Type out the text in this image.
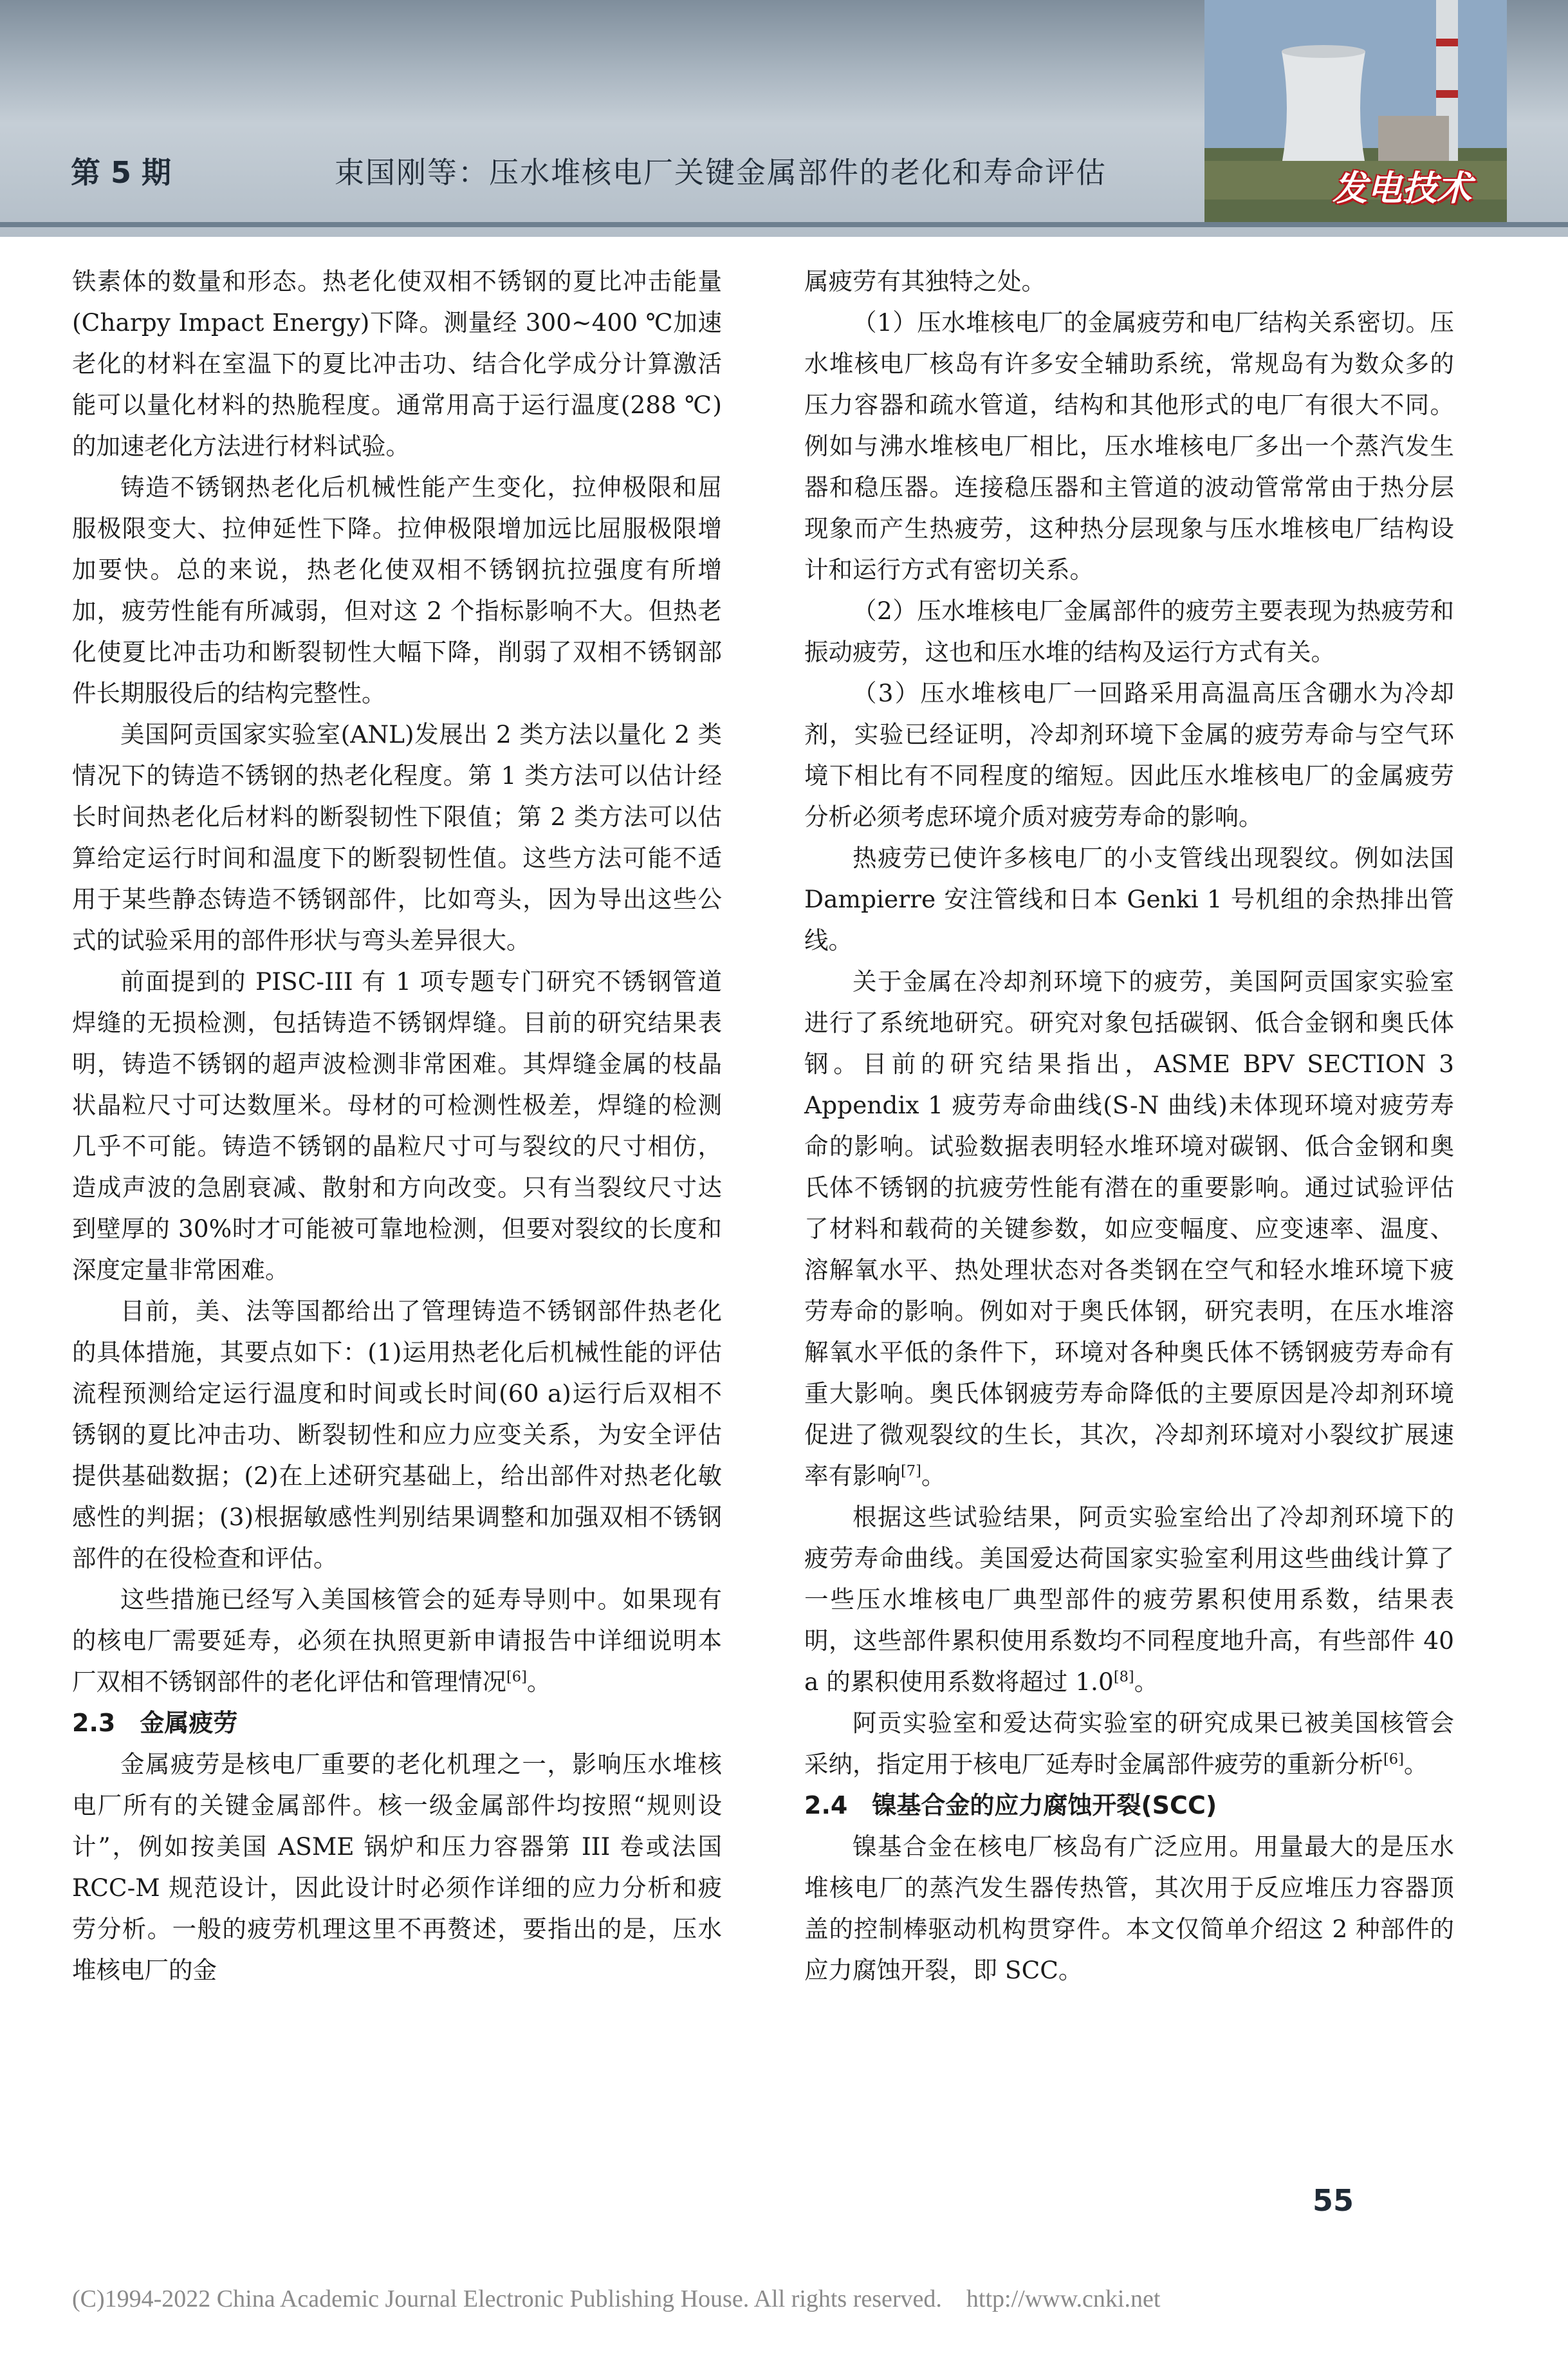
第 5 期	束国刚等：压水堆核电厂关键金属部件的老化和寿命评估	发电技术

铁素体的数量和形态。热老化使双相不锈钢的夏比冲击能量(Charpy Impact Energy)下降。测量经 300~400 ℃加速老化的材料在室温下的夏比冲击功、结合化学成分计算激活能可以量化材料的热脆程度。通常用高于运行温度(288 ℃)的加速老化方法进行材料试验。

铸造不锈钢热老化后机械性能产生变化，拉伸极限和屈服极限变大、拉伸延性下降。拉伸极限增加远比屈服极限增加要快。总的来说，热老化使双相不锈钢抗拉强度有所增加，疲劳性能有所减弱，但对这 2 个指标影响不大。但热老化使夏比冲击功和断裂韧性大幅下降，削弱了双相不锈钢部件长期服役后的结构完整性。

美国阿贡国家实验室(ANL)发展出 2 类方法以量化 2 类情况下的铸造不锈钢的热老化程度。第 1 类方法可以估计经长时间热老化后材料的断裂韧性下限值；第 2 类方法可以估算给定运行时间和温度下的断裂韧性值。这些方法可能不适用于某些静态铸造不锈钢部件，比如弯头，因为导出这些公式的试验采用的部件形状与弯头差异很大。

前面提到的 PISC-III 有 1 项专题专门研究不锈钢管道焊缝的无损检测，包括铸造不锈钢焊缝。目前的研究结果表明，铸造不锈钢的超声波检测非常困难。其焊缝金属的枝晶状晶粒尺寸可达数厘米。母材的可检测性极差，焊缝的检测几乎不可能。铸造不锈钢的晶粒尺寸可与裂纹的尺寸相仿，造成声波的急剧衰减、散射和方向改变。只有当裂纹尺寸达到壁厚的 30%时才可能被可靠地检测，但要对裂纹的长度和深度定量非常困难。

目前，美、法等国都给出了管理铸造不锈钢部件热老化的具体措施，其要点如下：(1)运用热老化后机械性能的评估流程预测给定运行温度和时间或长时间(60 a)运行后双相不锈钢的夏比冲击功、断裂韧性和应力应变关系，为安全评估提供基础数据；(2)在上述研究基础上，给出部件对热老化敏感性的判据；(3)根据敏感性判别结果调整和加强双相不锈钢部件的在役检查和评估。

这些措施已经写入美国核管会的延寿导则中。如果现有的核电厂需要延寿，必须在执照更新申请报告中详细说明本厂双相不锈钢部件的老化评估和管理情况[6]。

2.3　金属疲劳

金属疲劳是核电厂重要的老化机理之一，影响压水堆核电厂所有的关键金属部件。核一级金属部件均按照“规则设计”，例如按美国 ASME 锅炉和压力容器第 III 卷或法国 RCC-M 规范设计，因此设计时必须作详细的应力分析和疲劳分析。一般的疲劳机理这里不再赘述，要指出的是，压水堆核电厂的金

属疲劳有其独特之处。

（1）压水堆核电厂的金属疲劳和电厂结构关系密切。压水堆核电厂核岛有许多安全辅助系统，常规岛有为数众多的压力容器和疏水管道，结构和其他形式的电厂有很大不同。例如与沸水堆核电厂相比，压水堆核电厂多出一个蒸汽发生器和稳压器。连接稳压器和主管道的波动管常常由于热分层现象而产生热疲劳，这种热分层现象与压水堆核电厂结构设计和运行方式有密切关系。

（2）压水堆核电厂金属部件的疲劳主要表现为热疲劳和振动疲劳，这也和压水堆的结构及运行方式有关。

（3）压水堆核电厂一回路采用高温高压含硼水为冷却剂，实验已经证明，冷却剂环境下金属的疲劳寿命与空气环境下相比有不同程度的缩短。因此压水堆核电厂的金属疲劳分析必须考虑环境介质对疲劳寿命的影响。

热疲劳已使许多核电厂的小支管线出现裂纹。例如法国 Dampierre 安注管线和日本 Genki 1 号机组的余热排出管线。

关于金属在冷却剂环境下的疲劳，美国阿贡国家实验室进行了系统地研究。研究对象包括碳钢、低合金钢和奥氏体钢。目前的研究结果指出，ASME BPV SECTION 3 Appendix 1 疲劳寿命曲线(S-N 曲线)未体现环境对疲劳寿命的影响。试验数据表明轻水堆环境对碳钢、低合金钢和奥氏体不锈钢的抗疲劳性能有潜在的重要影响。通过试验评估了材料和载荷的关键参数，如应变幅度、应变速率、温度、溶解氧水平、热处理状态对各类钢在空气和轻水堆环境下疲劳寿命的影响。例如对于奥氏体钢，研究表明，在压水堆溶解氧水平低的条件下，环境对各种奥氏体不锈钢疲劳寿命有重大影响。奥氏体钢疲劳寿命降低的主要原因是冷却剂环境促进了微观裂纹的生长，其次，冷却剂环境对小裂纹扩展速率有影响[7]。

根据这些试验结果，阿贡实验室给出了冷却剂环境下的疲劳寿命曲线。美国爱达荷国家实验室利用这些曲线计算了一些压水堆核电厂典型部件的疲劳累积使用系数，结果表明，这些部件累积使用系数均不同程度地升高，有些部件 40 a 的累积使用系数将超过 1.0[8]。

阿贡实验室和爱达荷实验室的研究成果已被美国核管会采纳，指定用于核电厂延寿时金属部件疲劳的重新分析[6]。

2.4　镍基合金的应力腐蚀开裂(SCC)

镍基合金在核电厂核岛有广泛应用。用量最大的是压水堆核电厂的蒸汽发生器传热管，其次用于反应堆压力容器顶盖的控制棒驱动机构贯穿件。本文仅简单介绍这 2 种部件的应力腐蚀开裂，即 SCC。

55
(C)1994-2022 China Academic Journal Electronic Publishing House. All rights reserved.　http://www.cnki.net
